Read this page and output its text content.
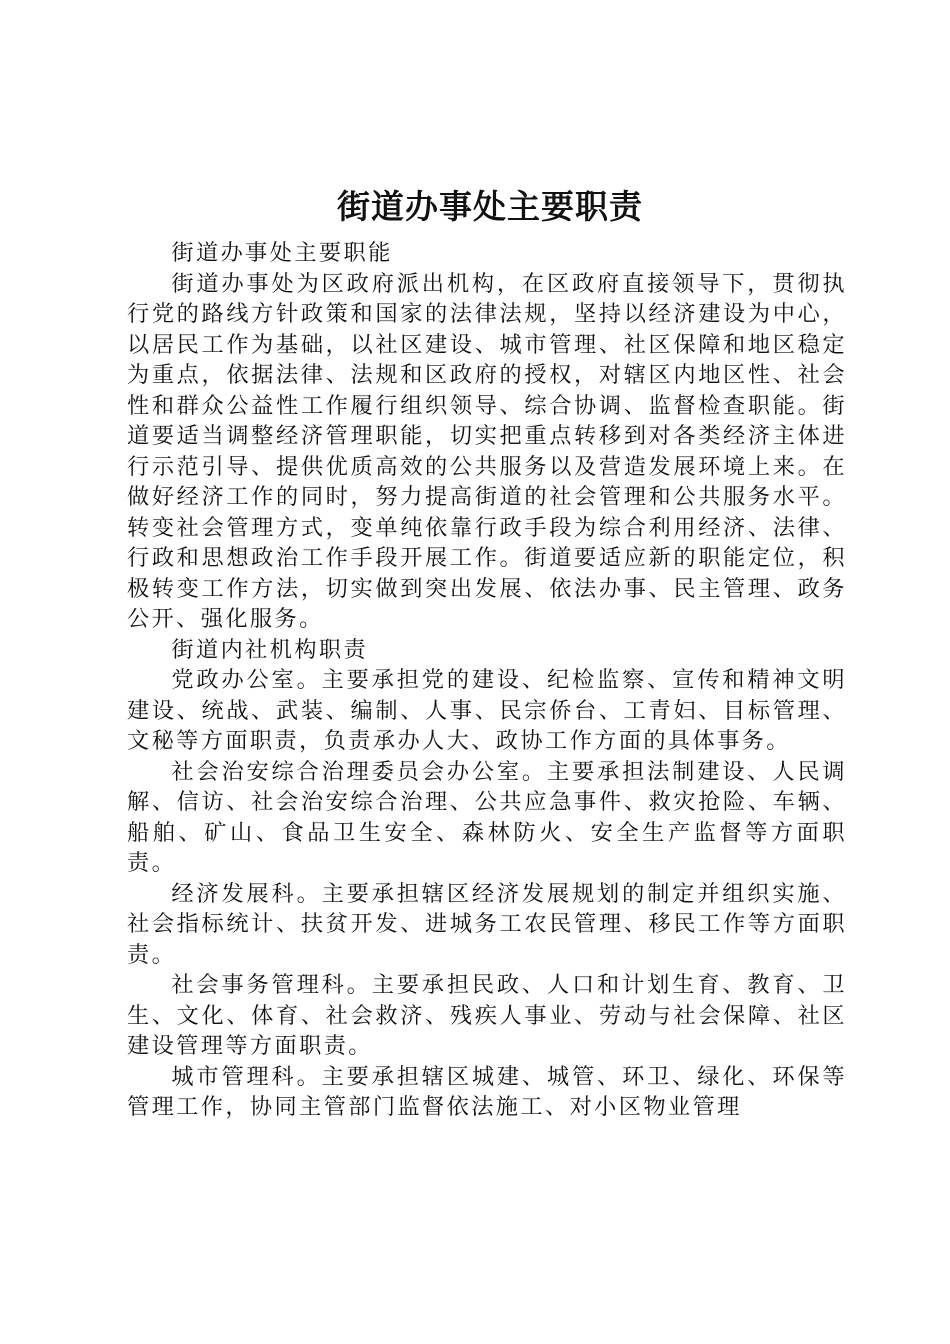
街道办事处主要职责

街道办事处主要职能

街道办事处为区政府派出机构，在区政府直接领导下，贯彻执行党的路线方针政策和国家的法律法规，坚持以经济建设为中心，以居民工作为基础，以社区建设、城市管理、社区保障和地区稳定为重点，依据法律、法规和区政府的授权，对辖区内地区性、社会性和群众公益性工作履行组织领导、综合协调、监督检查职能。街道要适当调整经济管理职能，切实把重点转移到对各类经济主体进行示范引导、提供优质高效的公共服务以及营造发展环境上来。在做好经济工作的同时，努力提高街道的社会管理和公共服务水平。转变社会管理方式，变单纯依靠行政手段为综合利用经济、法律、行政和思想政治工作手段开展工作。街道要适应新的职能定位，积极转变工作方法，切实做到突出发展、依法办事、民主管理、政务公开、强化服务。

街道内社机构职责

党政办公室。主要承担党的建设、纪检监察、宣传和精神文明建设、统战、武装、编制、人事、民宗侨台、工青妇、目标管理、文秘等方面职责，负责承办人大、政协工作方面的具体事务。

社会治安综合治理委员会办公室。主要承担法制建设、人民调解、信访、社会治安综合治理、公共应急事件、救灾抢险、车辆、船舶、矿山、食品卫生安全、森林防火、安全生产监督等方面职责。

经济发展科。主要承担辖区经济发展规划的制定并组织实施、社会指标统计、扶贫开发、进城务工农民管理、移民工作等方面职责。

社会事务管理科。主要承担民政、人口和计划生育、教育、卫生、文化、体育、社会救济、残疾人事业、劳动与社会保障、社区建设管理等方面职责。

城市管理科。主要承担辖区城建、城管、环卫、绿化、环保等管理工作，协同主管部门监督依法施工、对小区物业管理
